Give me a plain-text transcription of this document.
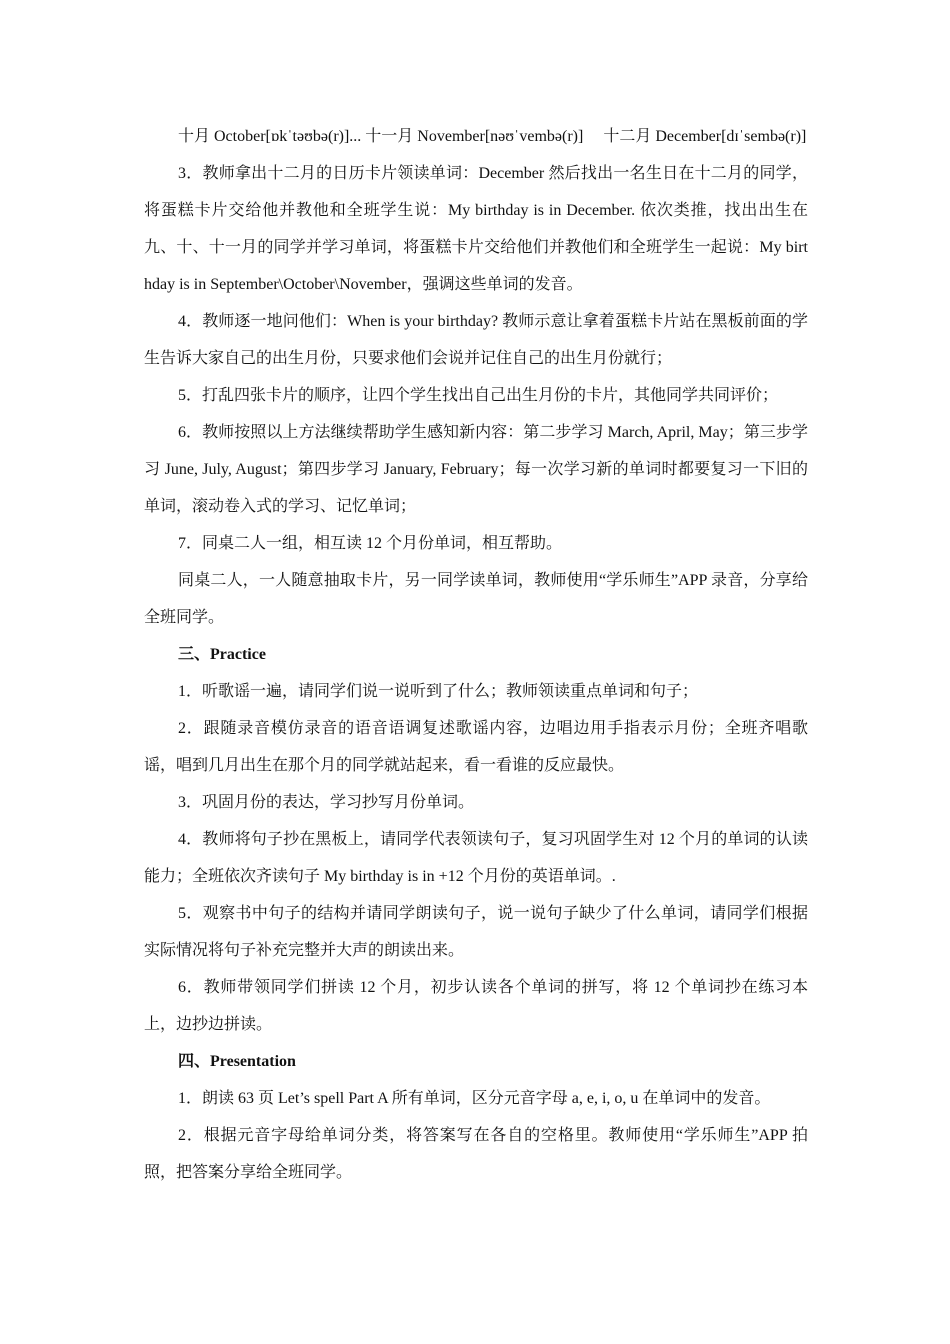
十月 October[ɒkˈtəʊbə(r)]... 十一月 November[nəʊˈvembə(r)]　 十二月 December[dɪˈsembə(r)]

3．教师拿出十二月的日历卡片领读单词：December 然后找出一名生日在十二月的同学，将蛋糕卡片交给他并教他和全班学生说：My birthday is in December. 依次类推，找出出生在九、十、十一月的同学并学习单词，将蛋糕卡片交给他们并教他们和全班学生一起说：My birthday is in September\October\November，强调这些单词的发音。

4．教师逐一地问他们：When is your birthday? 教师示意让拿着蛋糕卡片站在黑板前面的学生告诉大家自己的出生月份，只要求他们会说并记住自己的出生月份就行；

5．打乱四张卡片的顺序，让四个学生找出自己出生月份的卡片，其他同学共同评价；

6．教师按照以上方法继续帮助学生感知新内容：第二步学习 March, April, May；第三步学习 June, July, August；第四步学习 January, February；每一次学习新的单词时都要复习一下旧的单词，滚动卷入式的学习、记忆单词；

7．同桌二人一组，相互读 12 个月份单词，相互帮助。

同桌二人，一人随意抽取卡片，另一同学读单词，教师使用“学乐师生”APP 录音，分享给全班同学。

三、Practice

1．听歌谣一遍，请同学们说一说听到了什么；教师领读重点单词和句子；

2．跟随录音模仿录音的语音语调复述歌谣内容，边唱边用手指表示月份；全班齐唱歌谣，唱到几月出生在那个月的同学就站起来，看一看谁的反应最快。

3．巩固月份的表达，学习抄写月份单词。

4．教师将句子抄在黑板上，请同学代表领读句子，复习巩固学生对 12 个月的单词的认读能力；全班依次齐读句子 My birthday is in +12 个月份的英语单词。.

5．观察书中句子的结构并请同学朗读句子，说一说句子缺少了什么单词，请同学们根据实际情况将句子补充完整并大声的朗读出来。

6．教师带领同学们拼读 12 个月，初步认读各个单词的拼写，将 12 个单词抄在练习本上，边抄边拼读。

四、Presentation

1．朗读 63 页 Let’s spell Part A 所有单词，区分元音字母 a, e, i, o, u 在单词中的发音。

2．根据元音字母给单词分类，将答案写在各自的空格里。教师使用“学乐师生”APP 拍照，把答案分享给全班同学。
